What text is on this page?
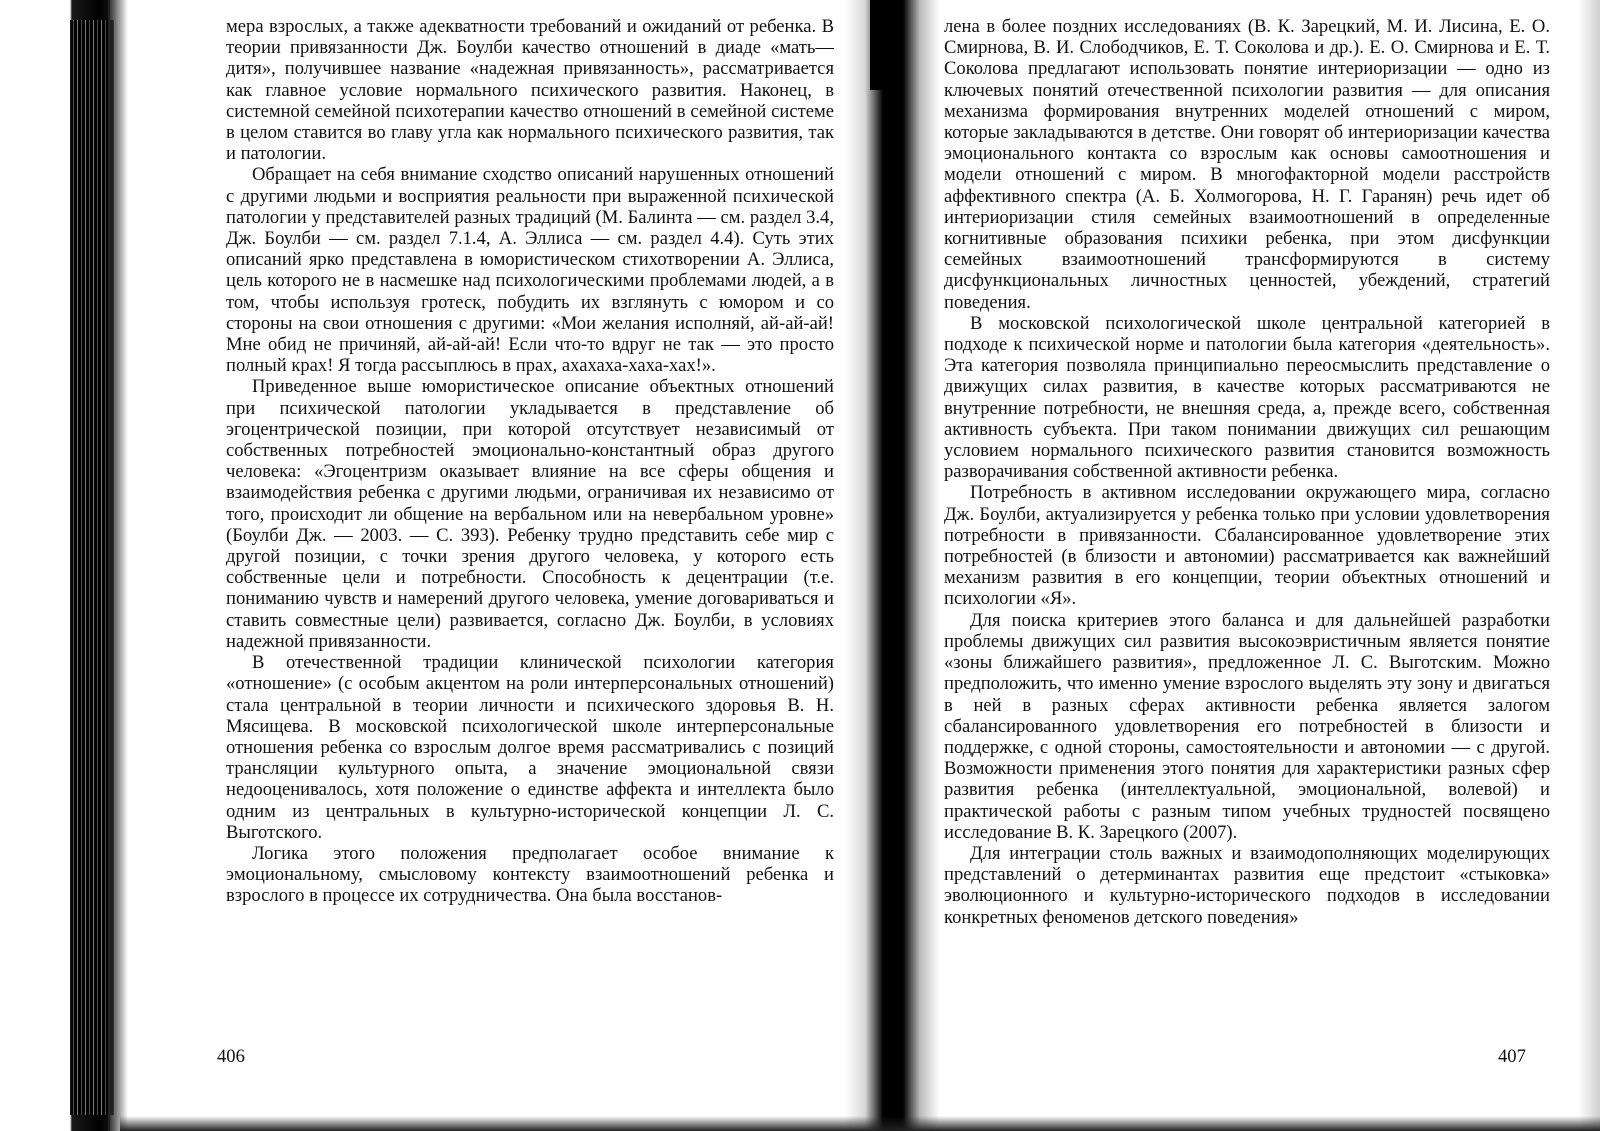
мера взрослых, а также адекватности требований и ожиданий от ребенка. В теории привязанности Дж. Боулби качество отношений в диаде «мать—дитя», получившее название «надежная привязанность», рассматривается как главное условие нормального психического развития. Наконец, в системной семейной психотерапии качество отношений в семейной системе в целом ставится во главу угла как нормального психического развития, так и патологии.

Обращает на себя внимание сходство описаний нарушенных отношений с другими людьми и восприятия реальности при выраженной психической патологии у представителей разных традиций (М. Балинта — см. раздел 3.4, Дж. Боулби — см. раздел 7.1.4, А. Эллиса — см. раздел 4.4). Суть этих описаний ярко представлена в юмористическом стихотворении А. Эллиса, цель которого не в насмешке над психологическими проблемами людей, а в том, чтобы используя гротеск, побудить их взглянуть с юмором и со стороны на свои отношения с другими: «Мои желания исполняй, ай-ай-ай! Мне обид не причиняй, ай-ай-ай! Если что-то вдруг не так — это просто полный крах! Я тогда рассыплюсь в прах, ахахаха-хаха-хах!».

Приведенное выше юмористическое описание объектных отношений при психической патологии укладывается в представление об эгоцентрической позиции, при которой отсутствует независимый от собственных потребностей эмоционально-константный образ другого человека: «Эгоцентризм оказывает влияние на все сферы общения и взаимодействия ребенка с другими людьми, ограничивая их независимо от того, происходит ли общение на вербальном или на невербальном уровне» (Боулби Дж. — 2003. — С. 393). Ребенку трудно представить себе мир с другой позиции, с точки зрения другого человека, у которого есть собственные цели и потребности. Способность к децентрации (т.е. пониманию чувств и намерений другого человека, умение договариваться и ставить совместные цели) развивается, согласно Дж. Боулби, в условиях надежной привязанности.

В отечественной традиции клинической психологии категория «отношение» (с особым акцентом на роли интерперсональных отношений) стала центральной в теории личности и психического здоровья В. Н. Мясищева. В московской психологической школе интерперсональные отношения ребенка со взрослым долгое время рассматривались с позиций трансляции культурного опыта, а значение эмоциональной связи недооценивалось, хотя положение о единстве аффекта и интеллекта было одним из центральных в культурно-исторической концепции Л. С. Выготского.

Логика этого положения предполагает особое внимание к эмоциональному, смысловому контексту взаимоотношений ребенка и взрослого в процессе их сотрудничества. Она была восстанов-

406

лена в более поздних исследованиях (В. К. Зарецкий, М. И. Лисина, Е. О. Смирнова, В. И. Слободчиков, Е. Т. Соколова и др.). Е. О. Смирнова и Е. Т. Соколова предлагают использовать понятие интериоризации — одно из ключевых понятий отечественной психологии развития — для описания механизма формирования внутренних моделей отношений с миром, которые закладываются в детстве. Они говорят об интериоризации качества эмоционального контакта со взрослым как основы самоотношения и модели отношений с миром. В многофакторной модели расстройств аффективного спектра (А. Б. Холмогорова, Н. Г. Гаранян) речь идет об интериоризации стиля семейных взаимоотношений в определенные когнитивные образования психики ребенка, при этом дисфункции семейных взаимоотношений трансформируются в систему дисфункциональных личностных ценностей, убеждений, стратегий поведения.

В московской психологической школе центральной категорией в подходе к психической норме и патологии была категория «деятельность». Эта категория позволяла принципиально переосмыслить представление о движущих силах развития, в качестве которых рассматриваются не внутренние потребности, не внешняя среда, а, прежде всего, собственная активность субъекта. При таком понимании движущих сил решающим условием нормального психического развития становится возможность разворачивания собственной активности ребенка.

Потребность в активном исследовании окружающего мира, согласно Дж. Боулби, актуализируется у ребенка только при условии удовлетворения потребности в привязанности. Сбалансированное удовлетворение этих потребностей (в близости и автономии) рассматривается как важнейший механизм развития в его концепции, теории объектных отношений и психологии «Я».

Для поиска критериев этого баланса и для дальнейшей разработки проблемы движущих сил развития высокоэвристичным является понятие «зоны ближайшего развития», предложенное Л. С. Выготским. Можно предположить, что именно умение взрослого выделять эту зону и двигаться в ней в разных сферах активности ребенка является залогом сбалансированного удовлетворения его потребностей в близости и поддержке, с одной стороны, самостоятельности и автономии — с другой. Возможности применения этого понятия для характеристики разных сфер развития ребенка (интеллектуальной, эмоциональной, волевой) и практической работы с разным типом учебных трудностей посвящено исследование В. К. Зарецкого (2007).

Для интеграции столь важных и взаимодополняющих моделирующих представлений о детерминантах развития еще предстоит «стыковка» эволюционного и культурно-исторического подходов в исследовании конкретных феноменов детского поведения»

407
